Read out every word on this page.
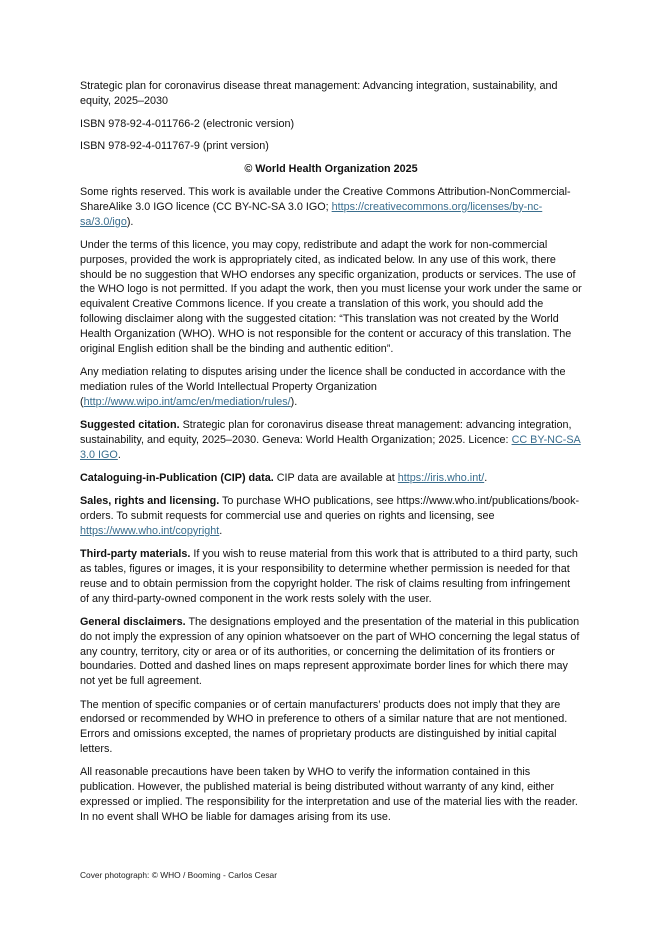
Strategic plan for coronavirus disease threat management: Advancing integration, sustainability, and equity, 2025–2030

ISBN 978-92-4-011766-2 (electronic version)

ISBN 978-92-4-011767-9 (print version)

© World Health Organization 2025

Some rights reserved. This work is available under the Creative Commons Attribution-NonCommercial-ShareAlike 3.0 IGO licence (CC BY-NC-SA 3.0 IGO; https://creativecommons.org/licenses/by-nc-sa/3.0/igo).

Under the terms of this licence, you may copy, redistribute and adapt the work for non-commercial purposes, provided the work is appropriately cited, as indicated below. In any use of this work, there should be no suggestion that WHO endorses any specific organization, products or services. The use of the WHO logo is not permitted. If you adapt the work, then you must license your work under the same or equivalent Creative Commons licence. If you create a translation of this work, you should add the following disclaimer along with the suggested citation: “This translation was not created by the World Health Organization (WHO). WHO is not responsible for the content or accuracy of this translation. The original English edition shall be the binding and authentic edition”.

Any mediation relating to disputes arising under the licence shall be conducted in accordance with the mediation rules of the World Intellectual Property Organization (http://www.wipo.int/amc/en/mediation/rules/).

Suggested citation. Strategic plan for coronavirus disease threat management: advancing integration, sustainability, and equity, 2025–2030. Geneva: World Health Organization; 2025. Licence: CC BY-NC-SA 3.0 IGO.

Cataloguing-in-Publication (CIP) data. CIP data are available at https://iris.who.int/.

Sales, rights and licensing. To purchase WHO publications, see https://www.who.int/publications/book-orders. To submit requests for commercial use and queries on rights and licensing, see https://www.who.int/copyright.

Third-party materials. If you wish to reuse material from this work that is attributed to a third party, such as tables, figures or images, it is your responsibility to determine whether permission is needed for that reuse and to obtain permission from the copyright holder. The risk of claims resulting from infringement of any third-party-owned component in the work rests solely with the user.

General disclaimers. The designations employed and the presentation of the material in this publication do not imply the expression of any opinion whatsoever on the part of WHO concerning the legal status of any country, territory, city or area or of its authorities, or concerning the delimitation of its frontiers or boundaries. Dotted and dashed lines on maps represent approximate border lines for which there may not yet be full agreement.

The mention of specific companies or of certain manufacturers’ products does not imply that they are endorsed or recommended by WHO in preference to others of a similar nature that are not mentioned. Errors and omissions excepted, the names of proprietary products are distinguished by initial capital letters.

All reasonable precautions have been taken by WHO to verify the information contained in this publication. However, the published material is being distributed without warranty of any kind, either expressed or implied. The responsibility for the interpretation and use of the material lies with the reader. In no event shall WHO be liable for damages arising from its use.

Cover photograph: © WHO / Booming - Carlos Cesar
